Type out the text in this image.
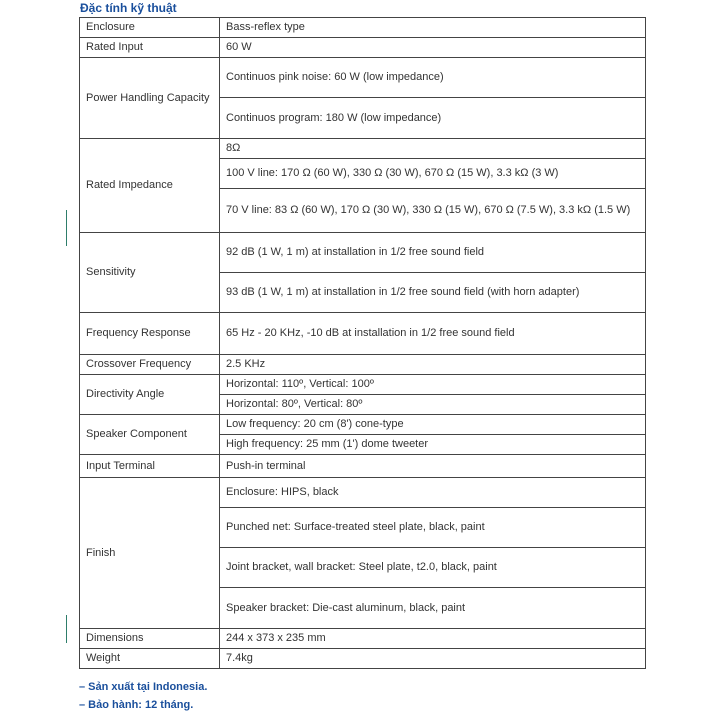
Đặc tính kỹ thuật
Enclosure	Bass-reflex type
Rated Input	60 W
Power Handling Capacity	Continuos pink noise: 60 W (low impedance)
	Continuos program: 180 W (low impedance)
Rated Impedance	8Ω
	100 V line: 170 Ω (60 W), 330 Ω (30 W), 670 Ω (15 W), 3.3 kΩ (3 W)
	70 V line: 83 Ω (60 W), 170 Ω (30 W), 330 Ω (15 W), 670 Ω (7.5 W), 3.3 kΩ (1.5 W)
Sensitivity	92 dB (1 W, 1 m) at installation in 1/2 free sound field
	93 dB (1 W, 1 m) at installation in 1/2 free sound field (with horn adapter)
Frequency Response	65 Hz - 20 KHz, -10 dB at installation in 1/2 free sound field
Crossover Frequency	2.5 KHz
Directivity Angle	Horizontal: 110º, Vertical: 100º
	Horizontal: 80º, Vertical: 80º
Speaker Component	Low frequency: 20 cm (8') cone-type
	High frequency: 25 mm (1') dome tweeter
Input Terminal	Push-in terminal
Finish	Enclosure: HIPS, black
	Punched net: Surface-treated steel plate, black, paint
	Joint bracket, wall bracket: Steel plate, t2.0, black, paint
	Speaker bracket: Die-cast aluminum, black, paint
Dimensions	244 x 373 x 235 mm
Weight	7.4kg
– Sản xuất tại Indonesia.
– Bảo hành: 12 tháng.
